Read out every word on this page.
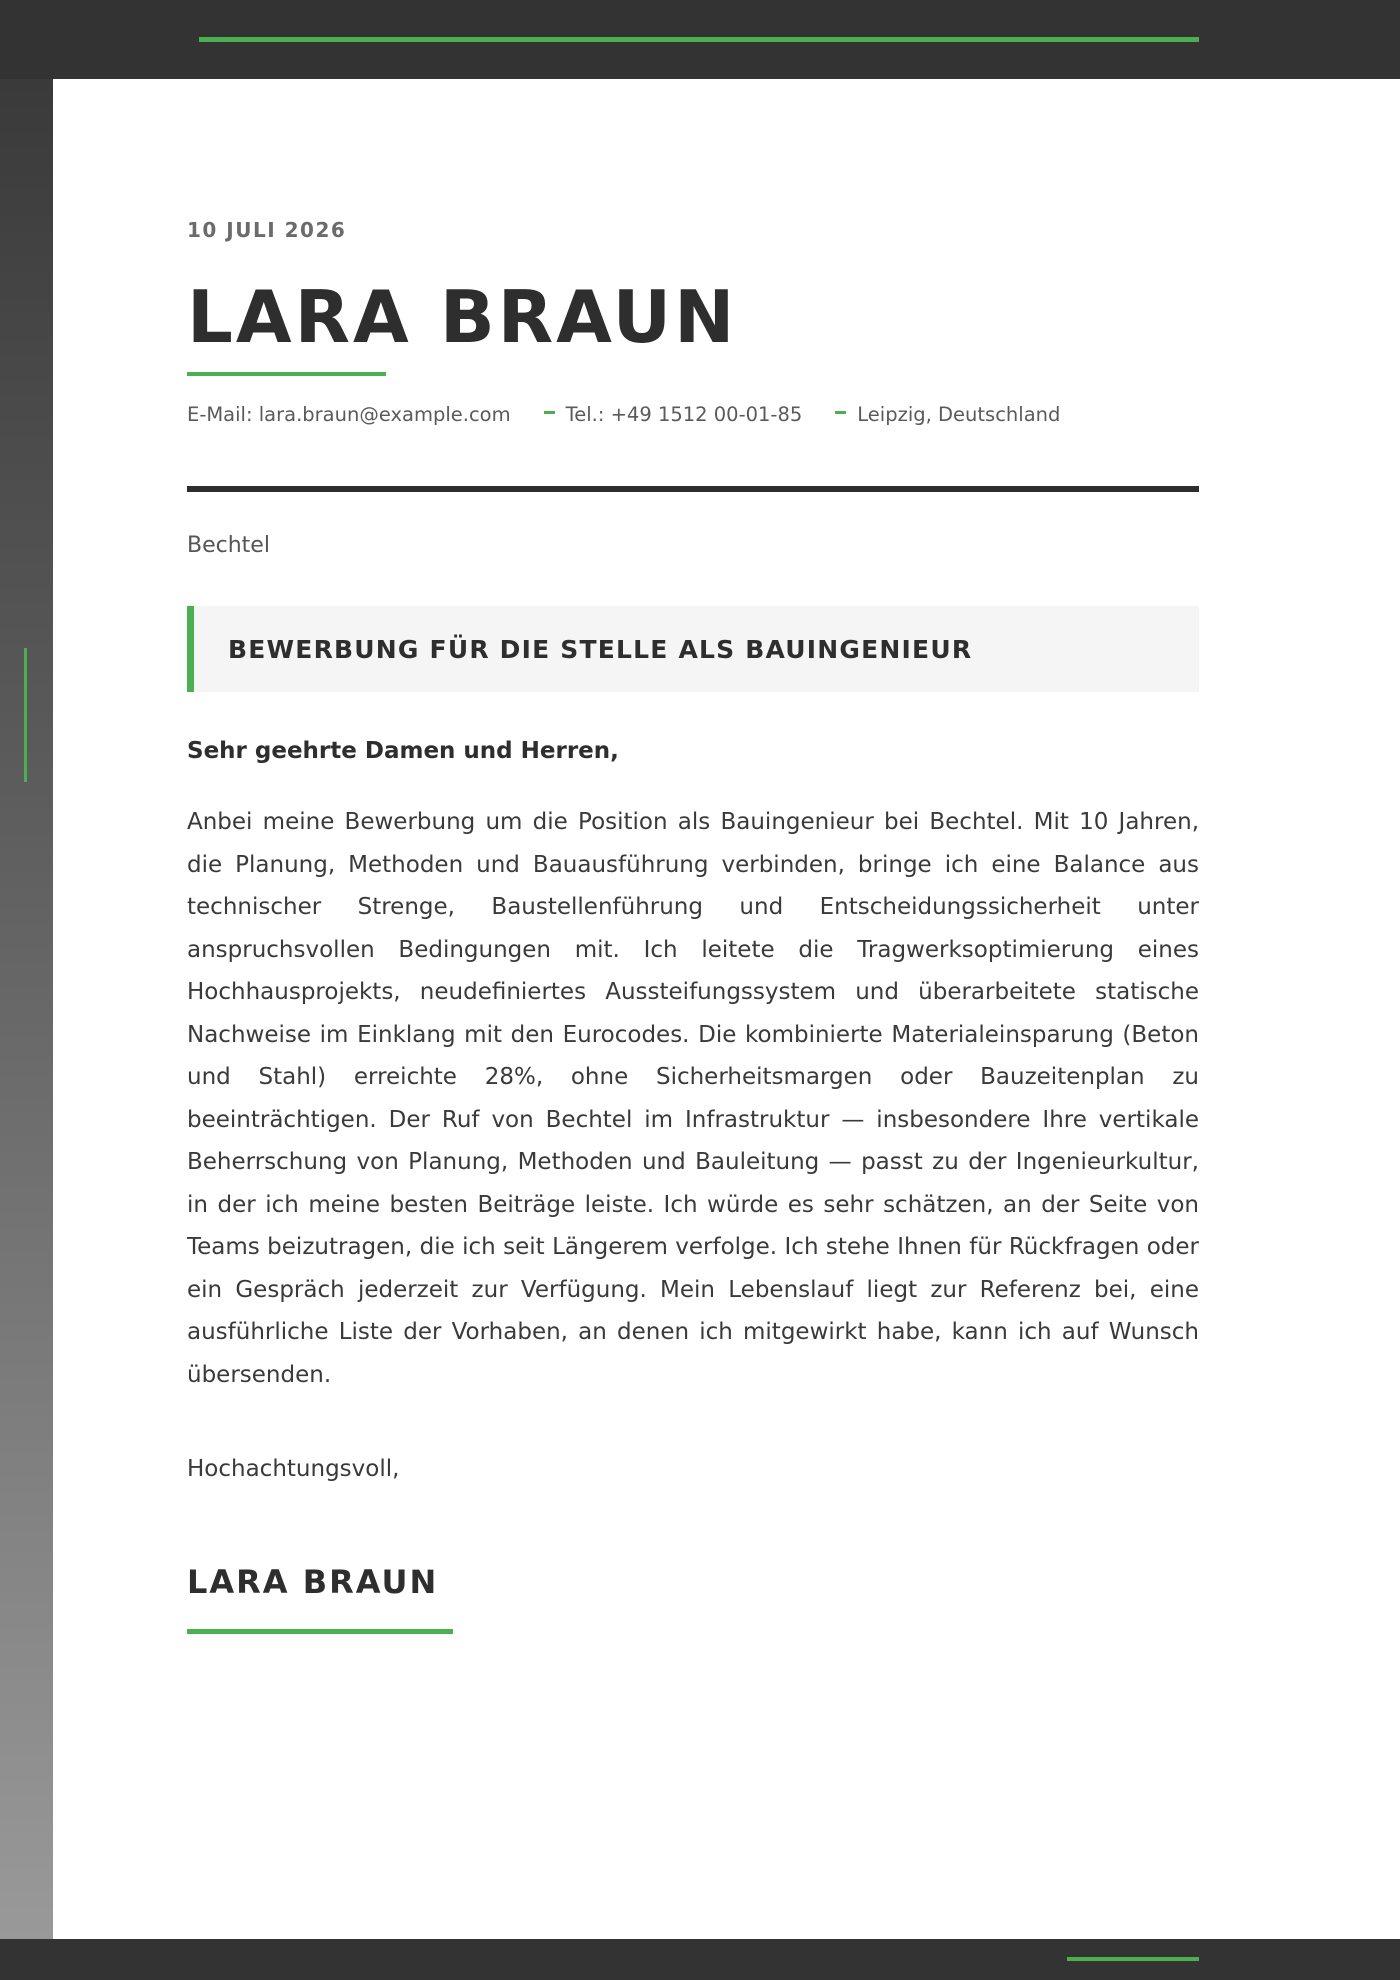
10 JULI 2026
LARA BRAUN
E-Mail: lara.braun@example.com	Tel.: +49 1512 00-01-85	Leipzig, Deutschland
Bechtel
BEWERBUNG FÜR DIE STELLE ALS BAUINGENIEUR
Sehr geehrte Damen und Herren,

Anbei meine Bewerbung um die Position als Bauingenieur bei Bechtel. Mit 10 Jahren, die Planung, Methoden und Bauausführung verbinden, bringe ich eine Balance aus technischer Strenge, Baustellenführung und Entscheidungssicherheit unter anspruchsvollen Bedingungen mit. Ich leitete die Tragwerksoptimierung eines Hochhausprojekts, neudefiniertes Aussteifungssystem und überarbeitete statische Nachweise im Einklang mit den Eurocodes. Die kombinierte Materialeinsparung (Beton und Stahl) erreichte 28%, ohne Sicherheitsmargen oder Bauzeitenplan zu beeinträchtigen. Der Ruf von Bechtel im Infrastruktur — insbesondere Ihre vertikale Beherrschung von Planung, Methoden und Bauleitung — passt zu der Ingenieurkultur, in der ich meine besten Beiträge leiste. Ich würde es sehr schätzen, an der Seite von Teams beizutragen, die ich seit Längerem verfolge. Ich stehe Ihnen für Rückfragen oder ein Gespräch jederzeit zur Verfügung. Mein Lebenslauf liegt zur Referenz bei, eine ausführliche Liste der Vorhaben, an denen ich mitgewirkt habe, kann ich auf Wunsch übersenden.

Hochachtungsvoll,
LARA BRAUN
